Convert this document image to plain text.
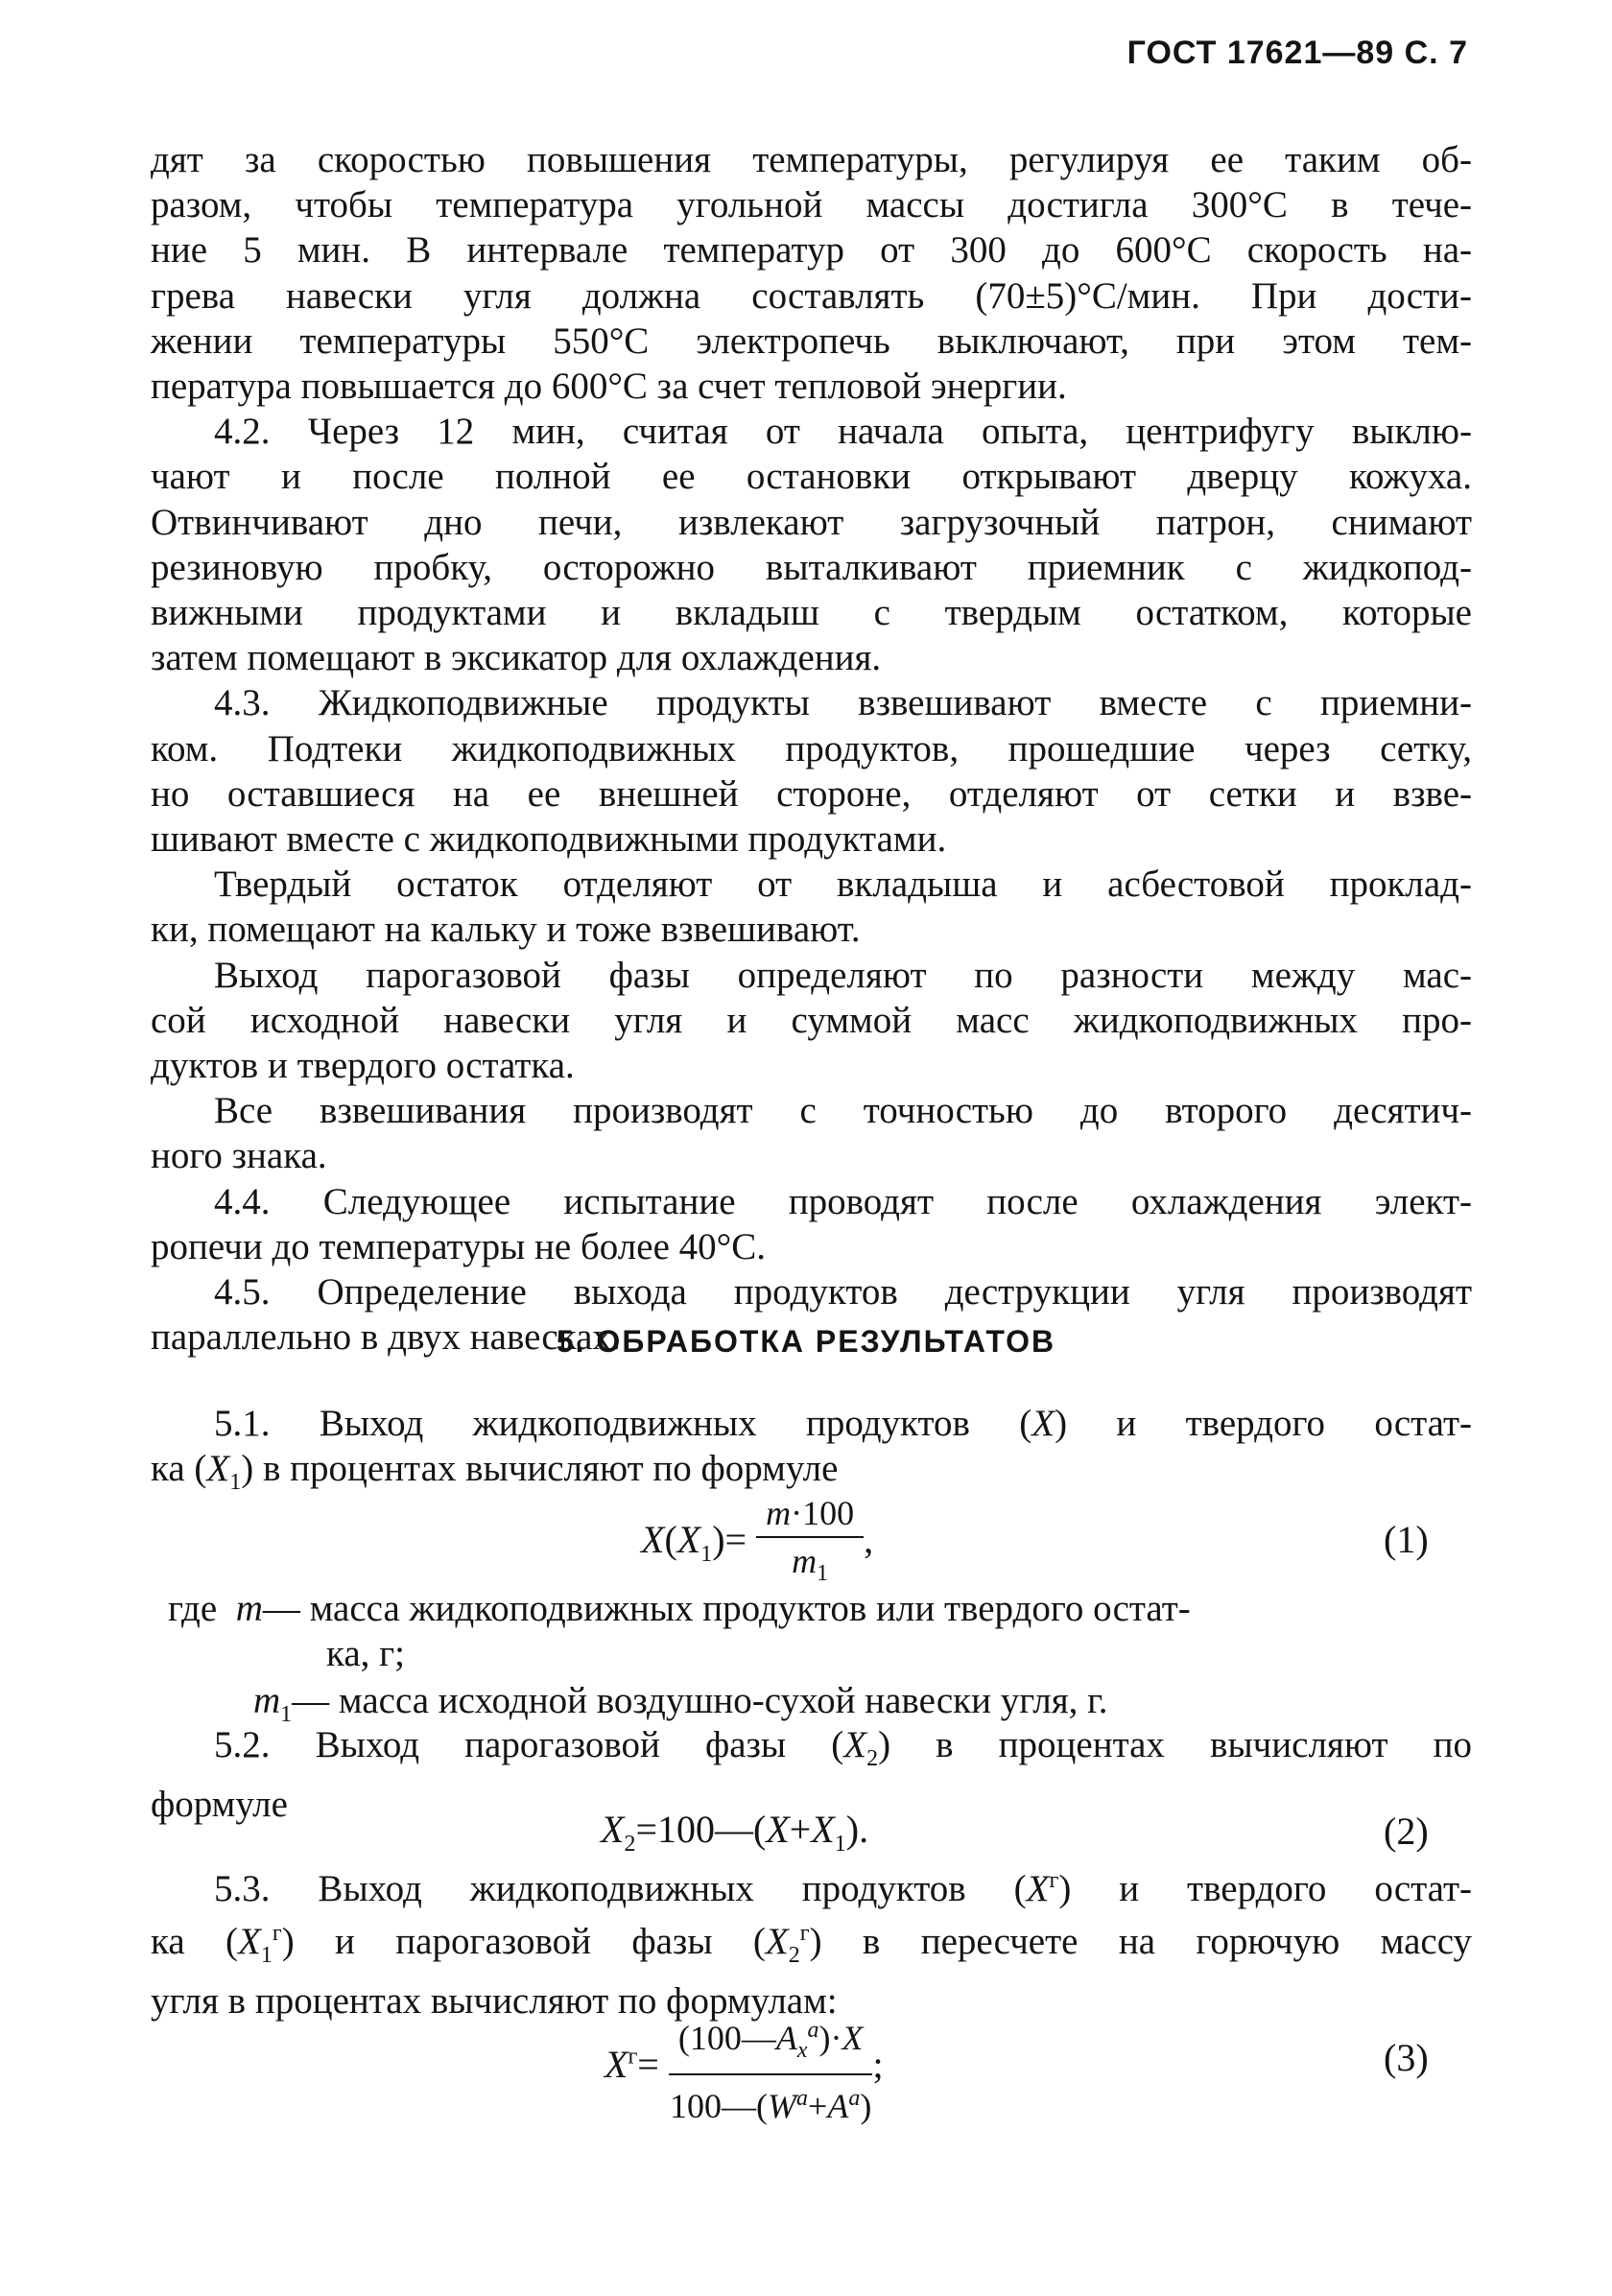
ГОСТ 17621—89 С. 7

дят за скоростью повышения температуры, регулируя ее таким об-

разом, чтобы температура угольной массы достигла 300°С в тече-

ние 5 мин. В интервале температур от 300 до 600°С скорость на-

грева навески угля должна составлять (70±5)°С/мин. При дости-

жении температуры 550°С электропечь выключают, при этом тем-

пература повышается до 600°С за счет тепловой энергии.

4.2. Через 12 мин, считая от начала опыта, центрифугу выклю-

чают и после полной ее остановки открывают дверцу кожуха.

Отвинчивают дно печи, извлекают загрузочный патрон, снимают

резиновую пробку, осторожно выталкивают приемник с жидкопод-

вижными продуктами и вкладыш с твердым остатком, которые

затем помещают в эксикатор для охлаждения.

4.3. Жидкоподвижные продукты взвешивают вместе с приемни-

ком. Подтеки жидкоподвижных продуктов, прошедшие через сетку,

но оставшиеся на ее внешней стороне, отделяют от сетки и взве-

шивают вместе с жидкоподвижными продуктами.

Твердый остаток отделяют от вкладыша и асбестовой проклад-

ки, помещают на кальку и тоже взвешивают.

Выход парогазовой фазы определяют по разности между мас-

сой исходной навески угля и суммой масс жидкоподвижных про-

дуктов и твердого остатка.

Все взвешивания производят с точностью до второго десятич-

ного знака.

4.4. Следующее испытание проводят после охлаждения элект-

ропечи до температуры не более 40°С.

4.5. Определение выхода продуктов деструкции угля производят

параллельно в двух навесках.

5. ОБРАБОТКА РЕЗУЛЬТАТОВ

5.1. Выход жидкоподвижных продуктов (X) и твердого остат-

ка $(X_1)$ в процентах вычисляют по формуле

$X(X_1)= \frac{m\cdot 100}{m_1}$ ,	(1)
где m— масса жидкоподвижных продуктов или твердого остат-
ка, г;
$m_1—$ масса исходной воздушно-сухой навески угля, г.

5.2. Выход парогазовой фазы $(X_2)$ в процентах вычисляют по

формуле

$X_2=100—(X+X_1)$.	(2)

5.3. Выход жидкоподвижных продуктов $(X^г)$ и твердого остат-

ка $(X_1^г)$ и парогазовой фазы $(X_2^г)$ в пересчете на горючую массу

угля в процентах вычисляют по формулам:

$X^г= \frac{(100—A_x^a)\cdot X}{100—(W^a+A^a)}$ ;	(3)
